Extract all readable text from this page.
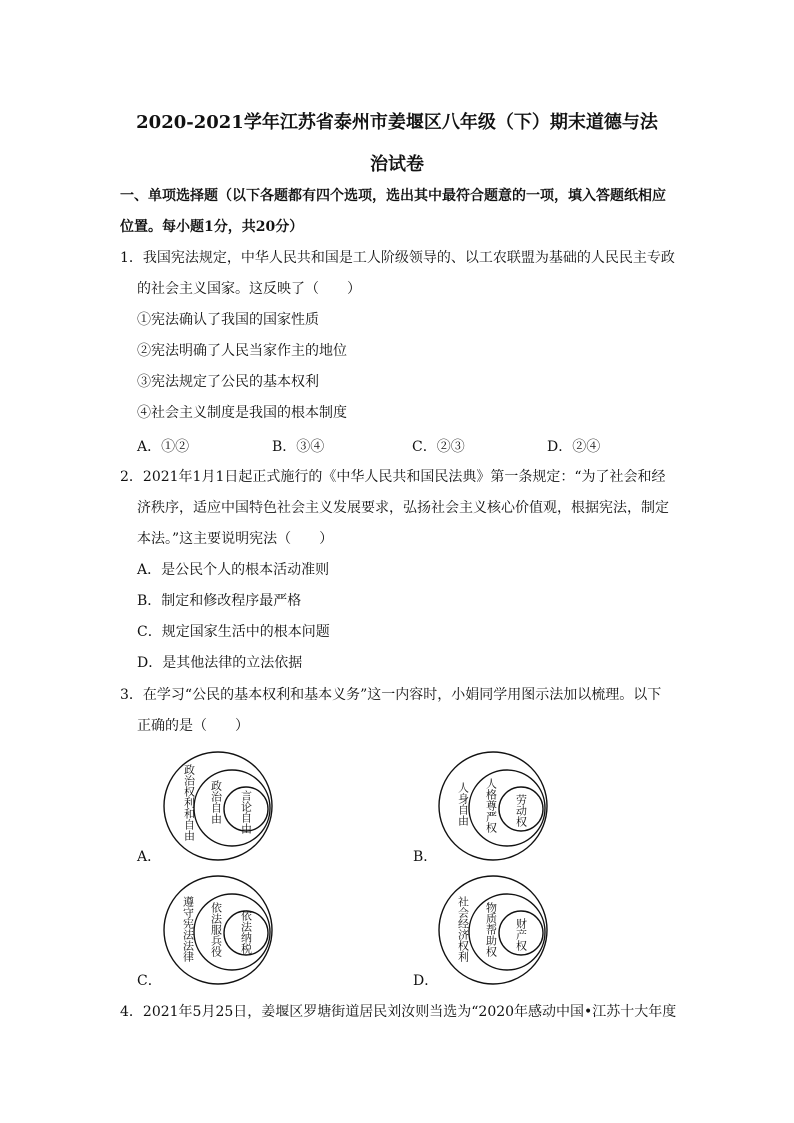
2020-2021学年江苏省泰州市姜堰区八年级（下）期末道德与法
治试卷
一、单项选择题（以下各题都有四个选项，选出其中最符合题意的一项，填入答题纸相应
位置。每小题1分，共20分）
1．我国宪法规定，中华人民共和国是工人阶级领导的、以工农联盟为基础的人民民主专政
的社会主义国家。这反映了（　　）
①宪法确认了我国的国家性质
②宪法明确了人民当家作主的地位
③宪法规定了公民的基本权利
④社会主义制度是我国的根本制度
A．①②	B．③④	C．②③	D．②④
2．2021年1月1日起正式施行的《中华人民共和国民法典》第一条规定：“为了社会和经
济秩序，适应中国特色社会主义发展要求，弘扬社会主义核心价值观，根据宪法，制定
本法。”这主要说明宪法（　　）
A．是公民个人的根本活动准则
B．制定和修改程序最严格
C．规定国家生活中的根本问题
D．是其他法律的立法依据
3．在学习“公民的基本权利和基本义务”这一内容时，小娟同学用图示法加以梳理。以下
正确的是（　　）
政治权利和自由 政治自由 言论自由
A．
人身自由 人格尊严权 劳动权
B．
遵守宪法法律 依法服兵役 依法纳税
C．
社会经济权利 物质帮助权 财产权
D．
4．2021年5月25日，姜堰区罗塘街道居民刘汝则当选为“2020年感动中国•江苏十大年度
